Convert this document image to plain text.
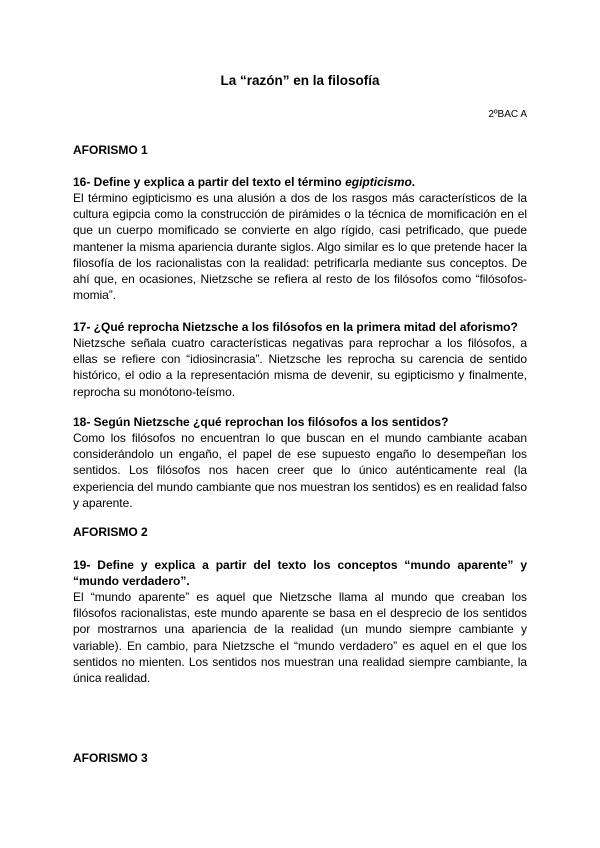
La “razón” en la filosofía
2ºBAC A
AFORISMO 1

16- Define y explica a partir del texto el término egipticismo.

El término egipticismo es una alusión a dos de los rasgos más característicos de la cultura egipcia como la construcción de pirámides o la técnica de momificación en el que un cuerpo momificado se convierte en algo rígido, casi petrificado, que puede mantener la misma apariencia durante siglos. Algo similar es lo que pretende hacer la filosofía de los racionalistas con la realidad: petrificarla mediante sus conceptos. De ahí que, en ocasiones, Nietzsche se refiera al resto de los filósofos como “filósofos-momia”.

17- ¿Qué reprocha Nietzsche a los filósofos en la primera mitad del aforismo?

Nietzsche señala cuatro características negativas para reprochar a los filósofos, a ellas se refiere con “idiosincrasia”. Nietzsche les reprocha su carencia de sentido histórico, el odio a la representación misma de devenir, su egipticismo y finalmente, reprocha su monótono-teísmo.

18- Según Nietzsche ¿qué reprochan los filósofos a los sentidos?

Como los filósofos no encuentran lo que buscan en el mundo cambiante acaban considerándolo un engaño, el papel de ese supuesto engaño lo desempeñan los sentidos. Los filósofos nos hacen creer que lo único auténticamente real (la experiencia del mundo cambiante que nos muestran los sentidos) es en realidad falso y aparente.

AFORISMO 2

19- Define y explica a partir del texto los conceptos “mundo aparente” y “mundo verdadero”.

El “mundo aparente” es aquel que Nietzsche llama al mundo que creaban los filósofos racionalistas, este mundo aparente se basa en el desprecio de los sentidos por mostrarnos una apariencia de la realidad (un mundo siempre cambiante y variable). En cambio, para Nietzsche el “mundo verdadero” es aquel en el que los sentidos no mienten. Los sentidos nos muestran una realidad siempre cambiante, la única realidad.

AFORISMO 3
